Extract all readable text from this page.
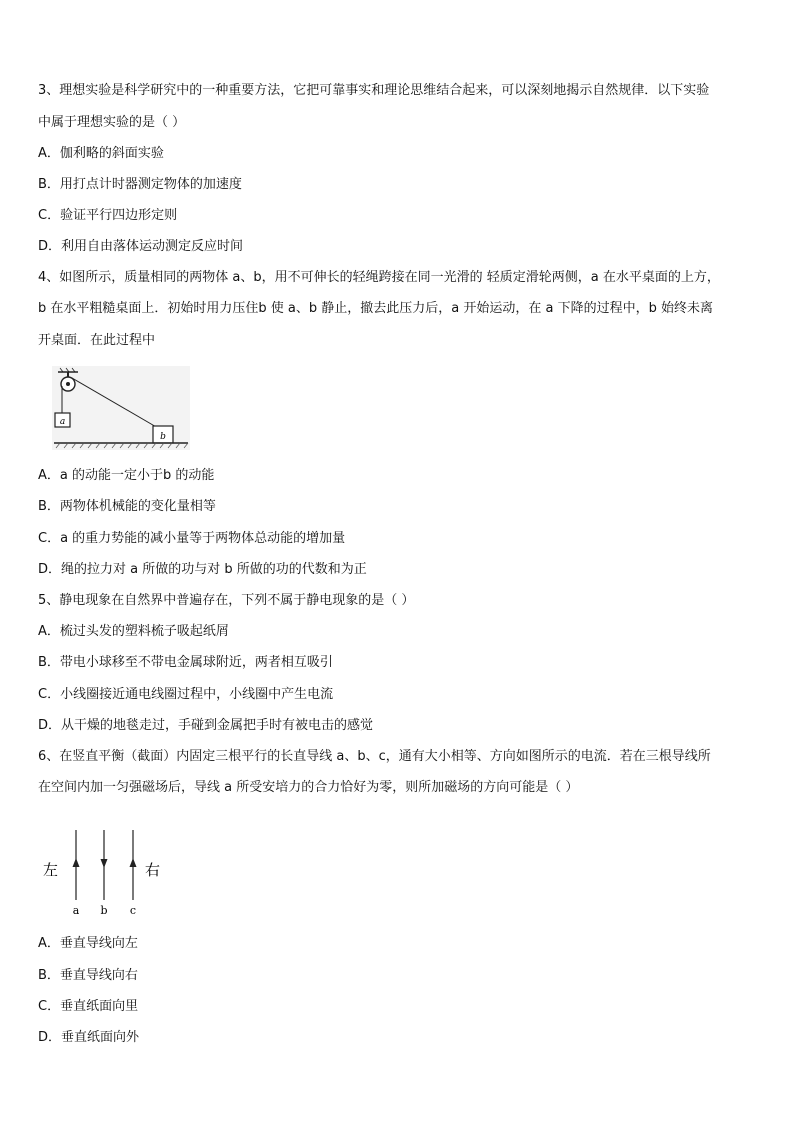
3、理想实验是科学研究中的一种重要方法，它把可靠事实和理论思维结合起来，可以深刻地揭示自然规律．以下实验
中属于理想实验的是（ ）
A．伽利略的斜面实验
B．用打点计时器测定物体的加速度
C．验证平行四边形定则
D．利用自由落体运动测定反应时间
4、如图所示，质量相同的两物体 a、b，用不可伸长的轻绳跨接在同一光滑的 轻质定滑轮两侧，a 在水平桌面的上方，
b 在水平粗糙桌面上．初始时用力压住b 使 a、b 静止，撤去此压力后，a 开始运动，在 a 下降的过程中，b 始终未离
开桌面．在此过程中
a
b
A．a 的动能一定小于b 的动能
B．两物体机械能的变化量相等
C．a 的重力势能的减小量等于两物体总动能的增加量
D．绳的拉力对 a 所做的功与对 b 所做的功的代数和为正
5、静电现象在自然界中普遍存在，下列不属于静电现象的是（ ）
A．梳过头发的塑料梳子吸起纸屑
B．带电小球移至不带电金属球附近，两者相互吸引
C．小线圈接近通电线圈过程中，小线圈中产生电流
D．从干燥的地毯走过，手碰到金属把手时有被电击的感觉
6、在竖直平衡（截面）内固定三根平行的长直导线 a、b、c，通有大小相等、方向如图所示的电流．若在三根导线所
在空间内加一匀强磁场后，导线 a 所受安培力的合力恰好为零，则所加磁场的方向可能是（ ）
左	右
a b c
A．垂直导线向左
B．垂直导线向右
C．垂直纸面向里
D．垂直纸面向外
